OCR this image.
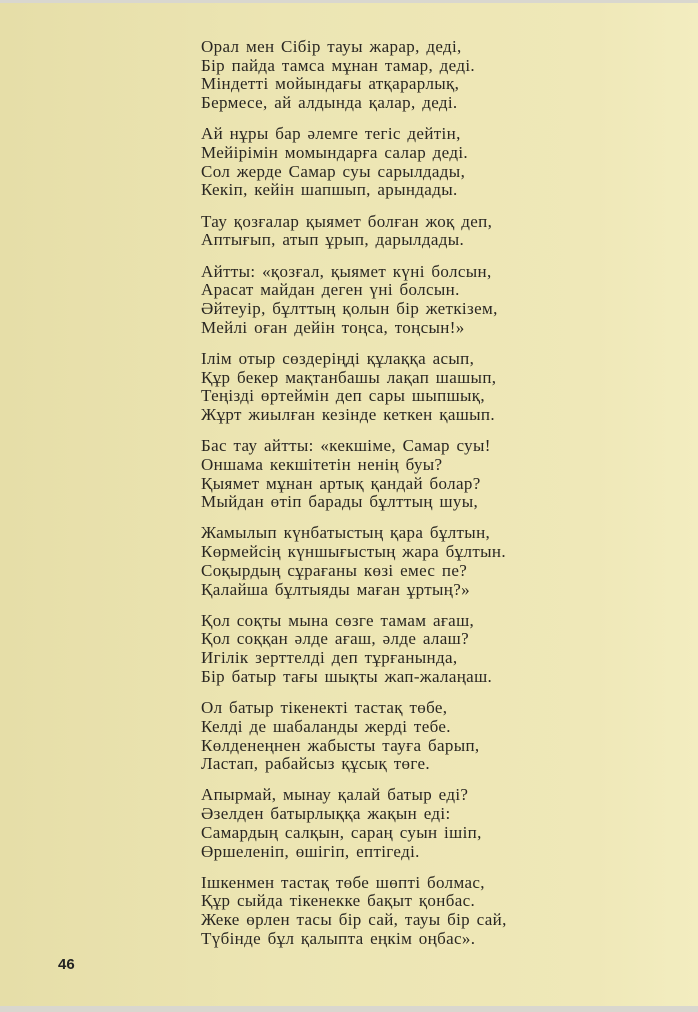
Орал мен Сібір тауы жарар, деді,
Бір пайда тамса мұнан тамар, деді.
Міндетті мойындағы атқарарлық,
Бермесе, ай алдында қалар, деді.
Ай нұры бар әлемге тегіс дейтін,
Мейірімін момындарға салар деді.
Сол жерде Самар суы сарылдады,
Кекіп, кейін шапшып, арындады.
Тау қозғалар қыямет болған жоқ деп,
Аптығып, атып ұрып, дарылдады.
Айтты: «қозғал, қыямет күні болсын,
Арасат майдан деген үні болсын.
Әйтеуір, бұлттың қолын бір жеткізем,
Мейлі оған дейін тоңса, тоңсын!»
Ілім отыр сөздеріңді құлаққа асып,
Құр бекер мақтанбашы лақап шашып,
Теңізді өртеймін деп сары шыпшық,
Жұрт жиылған кезінде кеткен қашып.
Бас тау айтты: «кекшіме, Самар суы!
Оншама кекшітетін ненің буы?
Қыямет мұнан артық қандай болар?
Мыйдан өтіп барады бұлттың шуы,
Жамылып күнбатыстың қара бұлтын,
Көрмейсің күншығыстың жара бұлтын.
Соқырдың сұрағаны көзі емес пе?
Қалайша бұлтыяды маған ұртың?»
Қол соқты мына сөзге тамам ағаш,
Қол соққан әлде ағаш, әлде алаш?
Игілік зерттелді деп тұрғанында,
Бір батыр тағы шықты жап-жалаңаш.
Ол батыр тікенекті тастақ төбе,
Келді де шабаланды жерді тебе.
Көлденеңнен жабысты тауға барып,
Ластап, рабайсыз құсық төге.
Апырмай, мынау қалай батыр еді?
Әзелден батырлыққа жақын еді:
Самардың салқын, сараң суын ішіп,
Өршеленіп, өшігіп, ептігеді.
Ішкенмен тастақ төбе шөпті болмас,
Құр сыйда тікенекке бақыт қонбас.
Жеке өрлен тасы бір сай, тауы бір сай,
Түбінде бұл қалыпта еңкім оңбас».
46
